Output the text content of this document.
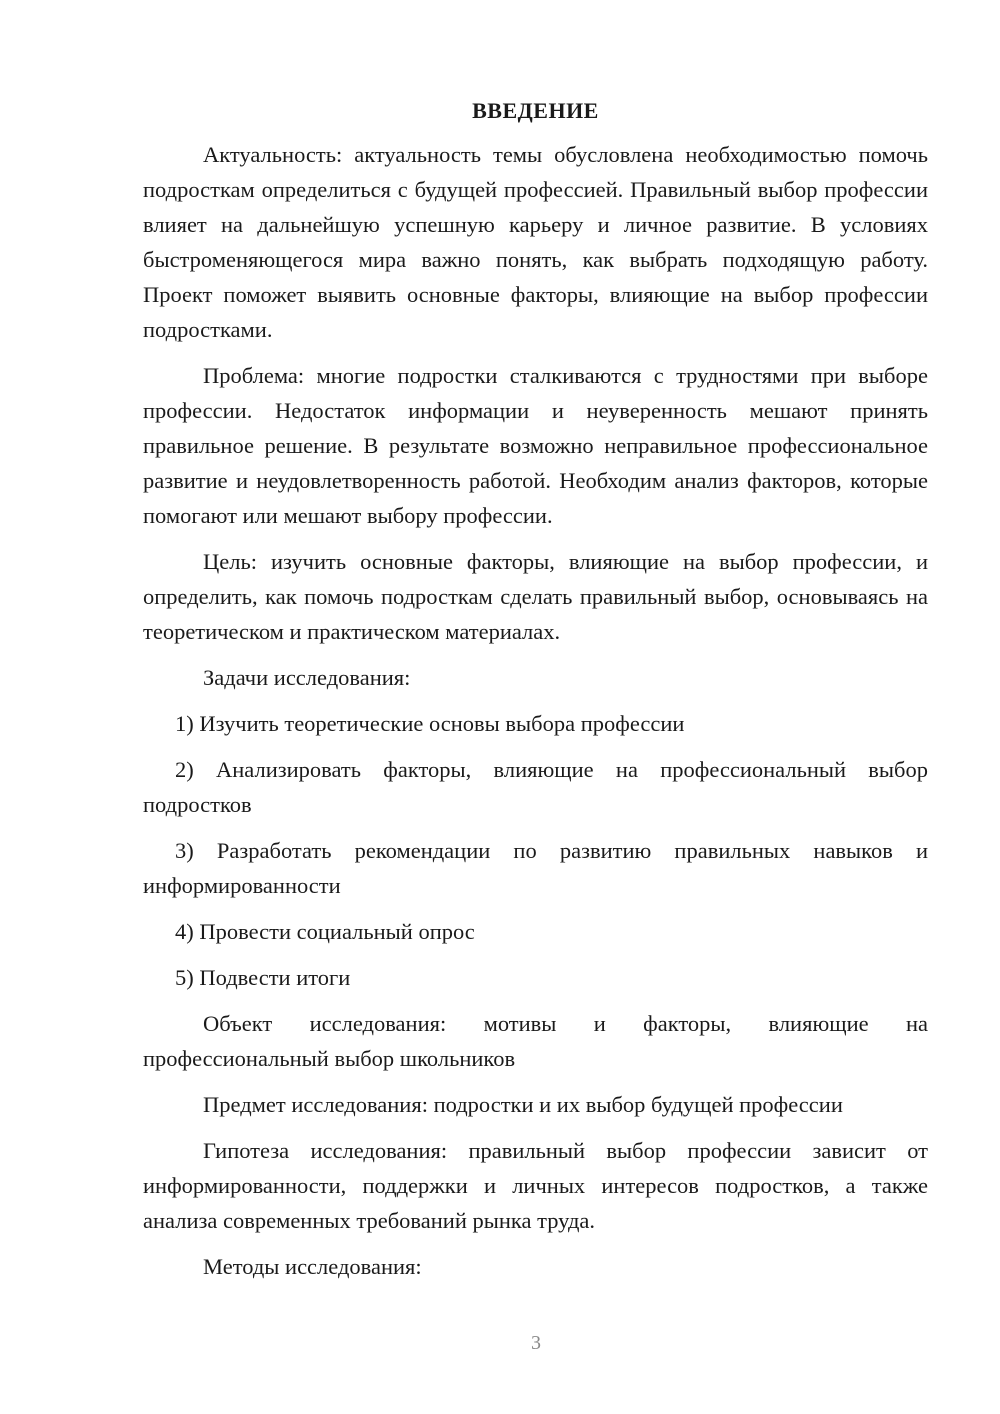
ВВЕДЕНИЕ

Актуальность: актуальность темы обусловлена необходимостью помочь подросткам определиться с будущей профессией. Правильный выбор профессии влияет на дальнейшую успешную карьеру и личное развитие. В условиях быстроменяющегося мира важно понять, как выбрать подходящую работу. Проект поможет выявить основные факторы, влияющие на выбор профессии подростками.

Проблема: многие подростки сталкиваются с трудностями при выборе профессии. Недостаток информации и неуверенность мешают принять правильное решение. В результате возможно неправильное профессиональное развитие и неудовлетворенность работой. Необходим анализ факторов, которые помогают или мешают выбору профессии.

Цель: изучить основные факторы, влияющие на выбор профессии, и определить, как помочь подросткам сделать правильный выбор, основываясь на теоретическом и практическом материалах.

Задачи исследования:

1) Изучить теоретические основы выбора профессии

2) Анализировать факторы, влияющие на профессиональный выбор подростков

3) Разработать рекомендации по развитию правильных навыков и информированности

4) Провести социальный опрос

5) Подвести итоги

Объект исследования: мотивы и факторы, влияющие на профессиональный выбор школьников

Предмет исследования: подростки и их выбор будущей профессии

Гипотеза исследования: правильный выбор профессии зависит от информированности, поддержки и личных интересов подростков, а также анализа современных требований рынка труда.

Методы исследования:

3
